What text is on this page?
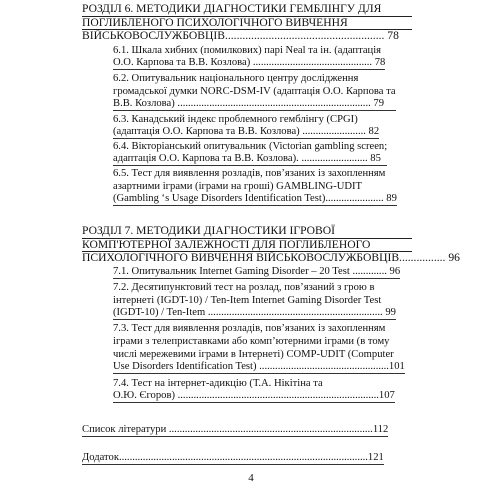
РОЗДІЛ 6. МЕТОДИКИ ДІАГНОСТИКИ ГЕМБЛІНГУ ДЛЯ
ПОГЛИБЛЕНОГО ПСИХОЛОГІЧНОГО ВИВЧЕННЯ
ВІЙСЬКОВОСЛУЖБОВЦІВ....................................................... 78
6.1. Шкала хибних (помилкових) парі Neal та ін. (адаптація
О.О. Карпова та В.В. Козлова) ............................................. 78
6.2. Опитувальник національного центру дослідження
громадської думки NORC-DSM-IV (адаптація О.О. Карпова та
В.В. Козлова) ......................................................................... 79
6.3. Канадський індекс проблемного гемблінгу (CPGI)
(адаптація О.О. Карпова та В.В. Козлова) ........................ 82
6.4. Вікторіанський опитувальник (Victorian gambling screen;
адаптація О.О. Карпова та В.В. Козлова). ......................... 85
6.5. Тест для виявлення розладів, пов’язаних із захопленням
азартними іграми (іграми на гроші) GAMBLING-UDIT
(Gambling ‘s Usage Disorders Identification Test)...................... 89
РОЗДІЛ 7. МЕТОДИКИ ДІАГНОСТИКИ ІГРОВОЇ
КОМП'ЮТЕРНОЇ ЗАЛЕЖНОСТІ ДЛЯ ПОГЛИБЛЕНОГО
ПСИХОЛОГІЧНОГО ВИВЧЕННЯ ВІЙСЬКОВОСЛУЖБОВЦІВ................ 96
7.1. Опитувальник Internet Gaming Disorder – 20 Test ............. 96
7.2. Десятипунктовий тест на розлад, пов’язаний з грою в
інтернеті (IGDT-10) / Ten-Item Internet Gaming Disorder Test
(IGDT-10) / Ten-Item .................................................................. 99
7.3. Тест для виявлення розладів, пов’язаних із захопленням
іграми з телеприставками або комп’ютерними іграми (в тому
числі мережевими іграми в Інтернеті) COMP-UDIT (Computer
Use Disorders Identification Test) .................................................101
7.4. Тест на інтернет-адикцію (Т.А. Нікітіна та
О.Ю. Єгоров) ............................................................................107
Список літератури .............................................................................112
Додаток..............................................................................................121
4
